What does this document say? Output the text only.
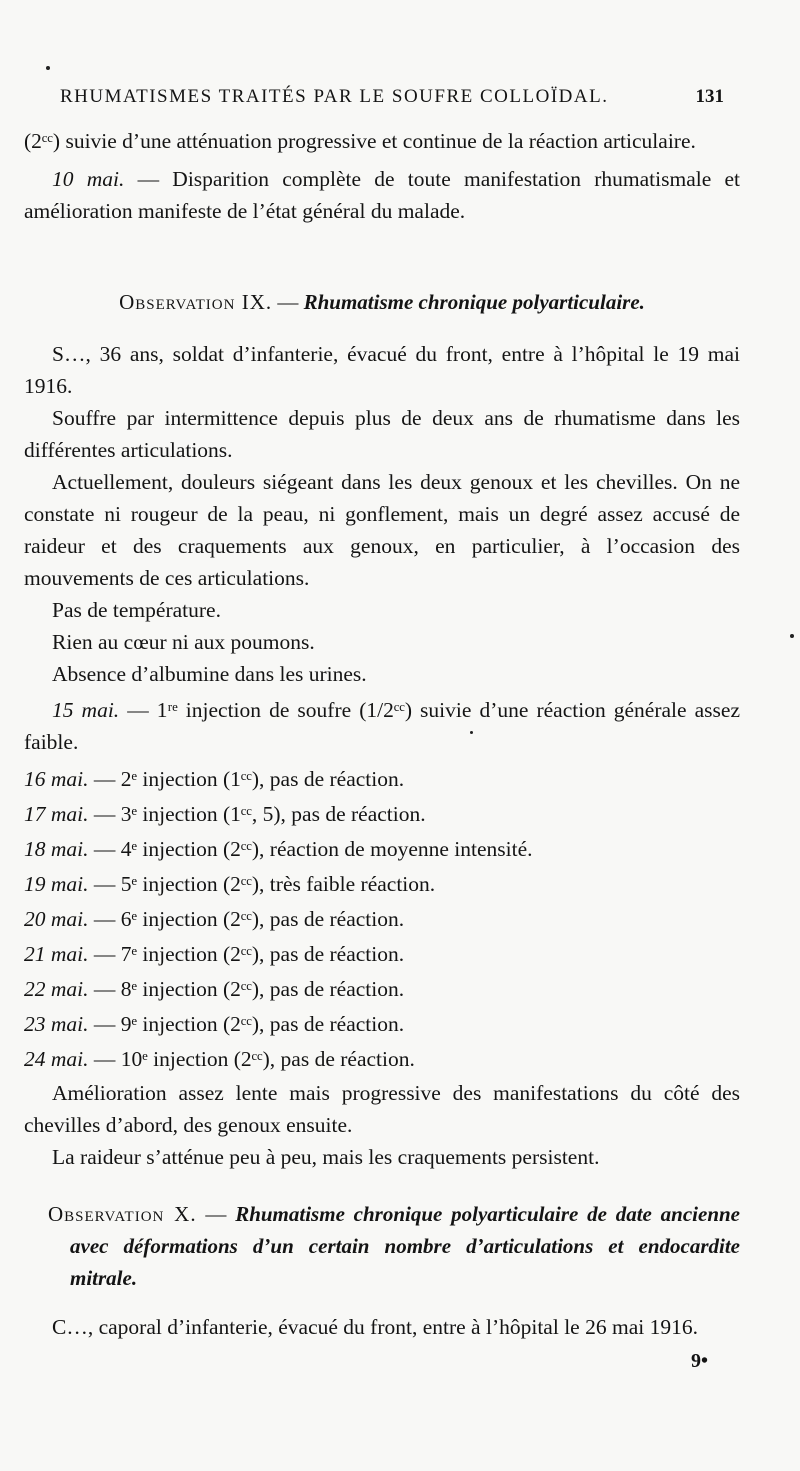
RHUMATISMES TRAITÉS PAR LE SOUFRE COLLOÏDAL.	131

(2ᶜᶜ) suivie d’une atténuation progressive et continue de la réaction articulaire.

10 mai. — Disparition complète de toute manifestation rhumatismale et amélioration manifeste de l’état général du malade.

Observation IX. — Rhumatisme chronique polyarticulaire.

S…, 36 ans, soldat d’infanterie, évacué du front, entre à l’hôpital le 19 mai 1916.

Souffre par intermittence depuis plus de deux ans de rhumatisme dans les différentes articulations.

Actuellement, douleurs siégeant dans les deux genoux et les chevilles. On ne constate ni rougeur de la peau, ni gonflement, mais un degré assez accusé de raideur et des craquements aux genoux, en particulier, à l’occasion des mouvements de ces articulations.

Pas de température.

Rien au cœur ni aux poumons.

Absence d’albumine dans les urines.

15 mai. — 1ʳᵉ injection de soufre (1/2ᶜᶜ) suivie d’une réaction générale assez faible.

16 mai. — 2ᵉ injection (1ᶜᶜ), pas de réaction.

17 mai. — 3ᵉ injection (1ᶜᶜ, 5), pas de réaction.

18 mai. — 4ᵉ injection (2ᶜᶜ), réaction de moyenne intensité.

19 mai. — 5ᵉ injection (2ᶜᶜ), très faible réaction.

20 mai. — 6ᵉ injection (2ᶜᶜ), pas de réaction.

21 mai. — 7ᵉ injection (2ᶜᶜ), pas de réaction.

22 mai. — 8ᵉ injection (2ᶜᶜ), pas de réaction.

23 mai. — 9ᵉ injection (2ᶜᶜ), pas de réaction.

24 mai. — 10ᵉ injection (2ᶜᶜ), pas de réaction.

Amélioration assez lente mais progressive des manifestations du côté des chevilles d’abord, des genoux ensuite.

La raideur s’atténue peu à peu, mais les craquements persistent.

Observation X. — Rhumatisme chronique polyarticulaire de date ancienne avec déformations d’un certain nombre d’articulations et endocardite mitrale.

C…, caporal d’infanterie, évacué du front, entre à l’hôpital le 26 mai 1916.

9•
